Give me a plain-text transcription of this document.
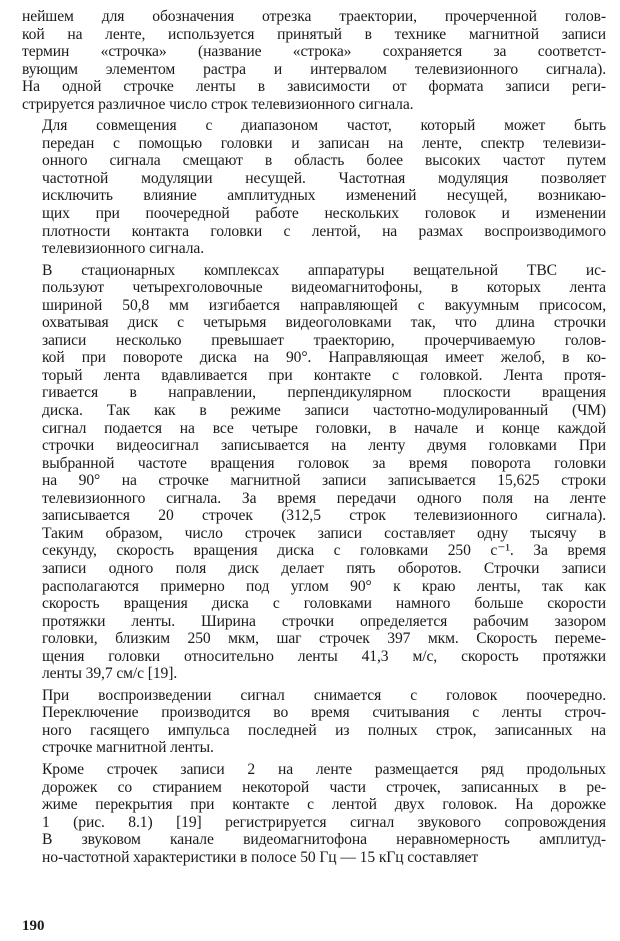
нейшем для обозначения отрезка траектории, прочерченной голов-
кой на ленте, используется принятый в технике магнитной записи
термин «строчка» (название «строка» сохраняется за соответст-
вующим элементом растра и интервалом телевизионного сигнала).
На одной строчке ленты в зависимости от формата записи реги-
стрируется различное число строк телевизионного сигнала.

Для совмещения с диапазоном частот, который может быть
передан с помощью головки и записан на ленте, спектр телевизи-
онного сигнала смещают в область более высоких частот путем
частотной модуляции несущей. Частотная модуляция позволяет
исключить влияние амплитудных изменений несущей, возникаю-
щих при поочередной работе нескольких головок и изменении
плотности контакта головки с лентой, на размах воспроизводимого
телевизионного сигнала.

В стационарных комплексах аппаратуры вещательной ТВС ис-
пользуют четырехголовочные видеомагнитофоны, в которых лента
шириной 50,8 мм изгибается направляющей с вакуумным присосом,
охватывая диск с четырьмя видеоголовками так, что длина строчки
записи несколько превышает траекторию, прочерчиваемую голов-
кой при повороте диска на 90°. Направляющая имеет желоб, в ко-
торый лента вдавливается при контакте с головкой. Лента протя-
гивается в направлении, перпендикулярном плоскости вращения
диска. Так как в режиме записи частотно-модулированный (ЧМ)
сигнал подается на все четыре головки, в начале и конце каждой
строчки видеосигнал записывается на ленту двумя головками При
выбранной частоте вращения головок за время поворота головки
на 90° на строчке магнитной записи записывается 15,625 строки
телевизионного сигнала. За время передачи одного поля на ленте
записывается 20 строчек (312,5 строк телевизионного сигнала).
Таким образом, число строчек записи составляет одну тысячу в
секунду, скорость вращения диска с головками 250 с⁻¹. За время
записи одного поля диск делает пять оборотов. Строчки записи
располагаются примерно под углом 90° к краю ленты, так как
скорость вращения диска с головками намного больше скорости
протяжки ленты. Ширина строчки определяется рабочим зазором
головки, близким 250 мкм, шаг строчек 397 мкм. Скорость переме-
щения головки относительно ленты 41,3 м/с, скорость протяжки
ленты 39,7 см/с [19].

При воспроизведении сигнал снимается с головок поочередно.
Переключение производится во время считывания с ленты строч-
ного гасящего импульса последней из полных строк, записанных на
строчке магнитной ленты.

Кроме строчек записи 2 на ленте размещается ряд продольных
дорожек со стиранием некоторой части строчек, записанных в ре-
жиме перекрытия при контакте с лентой двух головок. На дорожке
1 (рис. 8.1) [19] регистрируется сигнал звукового сопровождения
В звуковом канале видеомагнитофона неравномерность амплитуд-
но-частотной характеристики в полосе 50 Гц — 15 кГц составляет

190
